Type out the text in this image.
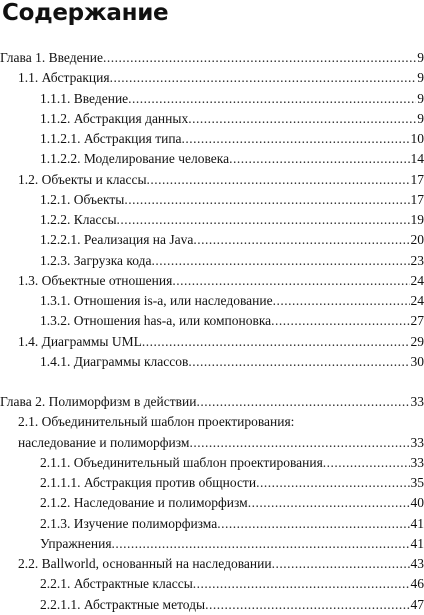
Содержание
Глава 1. Введение .....	9
1.1. Абстракция .....	9
1.1.1. Введение .....	9
1.1.2. Абстракция данных .....	9
1.1.2.1. Абстракция типа .....	10
1.1.2.2. Моделирование человека .....	14
1.2. Объекты и классы .....	17
1.2.1. Объекты .....	17
1.2.2. Классы .....	19
1.2.2.1. Реализация на Java .....	20
1.2.3. Загрузка кода .....	23
1.3. Объектные отношения .....	24
1.3.1. Отношения is-a, или наследование .....	24
1.3.2. Отношения has-a, или компоновка .....	27
1.4. Диаграммы UML .....	29
1.4.1. Диаграммы классов .....	30
Глава 2. Полиморфизм в действии .....	33
2.1. Объединительный шаблон проектирования:
наследование и полиморфизм .....	33
2.1.1. Объединительный шаблон проектирования .....	33
2.1.1.1. Абстракция против общности .....	35
2.1.2. Наследование и полиморфизм .....	40
2.1.3. Изучение полиморфизма .....	41
Упражнения .....	41
2.2. Ballworld, основанный на наследовании .....	43
2.2.1. Абстрактные классы .....	46
2.2.1.1. Абстрактные методы .....	47
